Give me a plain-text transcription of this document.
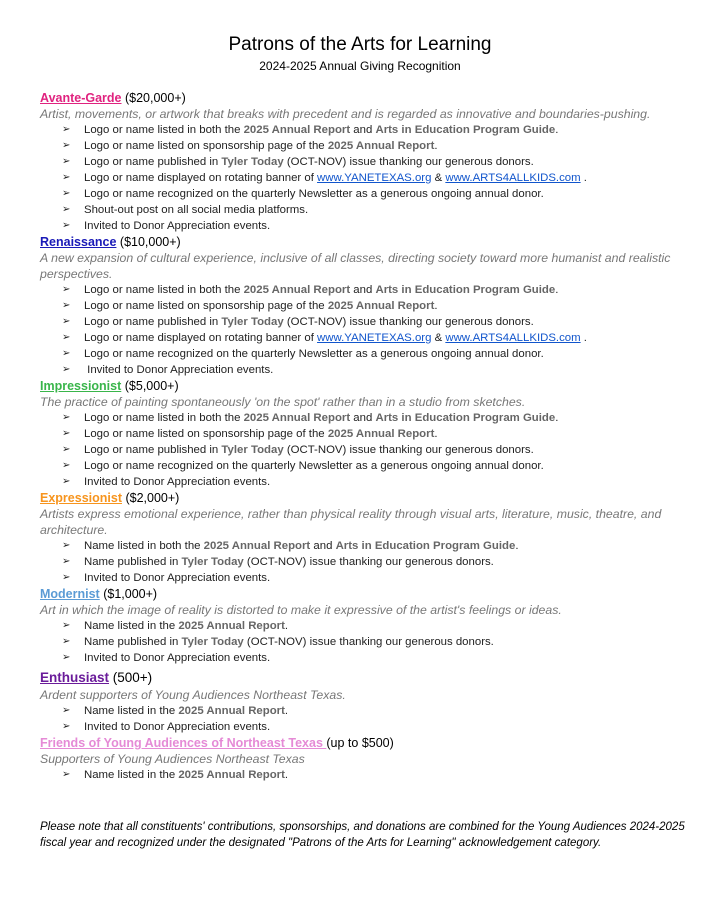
Patrons of the Arts for Learning
2024-2025 Annual Giving Recognition
Avante-Garde ($20,000+)
Artist, movements, or artwork that breaks with precedent and is regarded as innovative and boundaries-pushing.
➢ Logo or name listed in both the 2025 Annual Report and Arts in Education Program Guide.
➢ Logo or name listed on sponsorship page of the 2025 Annual Report.
➢ Logo or name published in Tyler Today (OCT-NOV) issue thanking our generous donors.
➢ Logo or name displayed on rotating banner of www.YANETEXAS.org & www.ARTS4ALLKIDS.com .
➢ Logo or name recognized on the quarterly Newsletter as a generous ongoing annual donor.
➢ Shout-out post on all social media platforms.
➢ Invited to Donor Appreciation events.
Renaissance ($10,000+)
A new expansion of cultural experience, inclusive of all classes, directing society toward more humanist and realistic perspectives.
➢ Logo or name listed in both the 2025 Annual Report and Arts in Education Program Guide.
➢ Logo or name listed on sponsorship page of the 2025 Annual Report.
➢ Logo or name published in Tyler Today (OCT-NOV) issue thanking our generous donors.
➢ Logo or name displayed on rotating banner of www.YANETEXAS.org & www.ARTS4ALLKIDS.com .
➢ Logo or name recognized on the quarterly Newsletter as a generous ongoing annual donor.
➢ Invited to Donor Appreciation events.
Impressionist ($5,000+)
The practice of painting spontaneously 'on the spot' rather than in a studio from sketches.
➢ Logo or name listed in both the 2025 Annual Report and Arts in Education Program Guide.
➢ Logo or name listed on sponsorship page of the 2025 Annual Report.
➢ Logo or name published in Tyler Today (OCT-NOV) issue thanking our generous donors.
➢ Logo or name recognized on the quarterly Newsletter as a generous ongoing annual donor.
➢ Invited to Donor Appreciation events.
Expressionist ($2,000+)
Artists express emotional experience, rather than physical reality through visual arts, literature, music, theatre, and architecture.
➢ Name listed in both the 2025 Annual Report and Arts in Education Program Guide.
➢ Name published in Tyler Today (OCT-NOV) issue thanking our generous donors.
➢ Invited to Donor Appreciation events.
Modernist ($1,000+)
Art in which the image of reality is distorted to make it expressive of the artist's feelings or ideas.
➢ Name listed in the 2025 Annual Report.
➢ Name published in Tyler Today (OCT-NOV) issue thanking our generous donors.
➢ Invited to Donor Appreciation events.
Enthusiast (500+)
Ardent supporters of Young Audiences Northeast Texas.
➢ Name listed in the 2025 Annual Report.
➢ Invited to Donor Appreciation events.
Friends of Young Audiences of Northeast Texas (up to $500)
Supporters of Young Audiences Northeast Texas
➢ Name listed in the 2025 Annual Report.
Please note that all constituents' contributions, sponsorships, and donations are combined for the Young Audiences 2024-2025 fiscal year and recognized under the designated "Patrons of the Arts for Learning" acknowledgement category.
